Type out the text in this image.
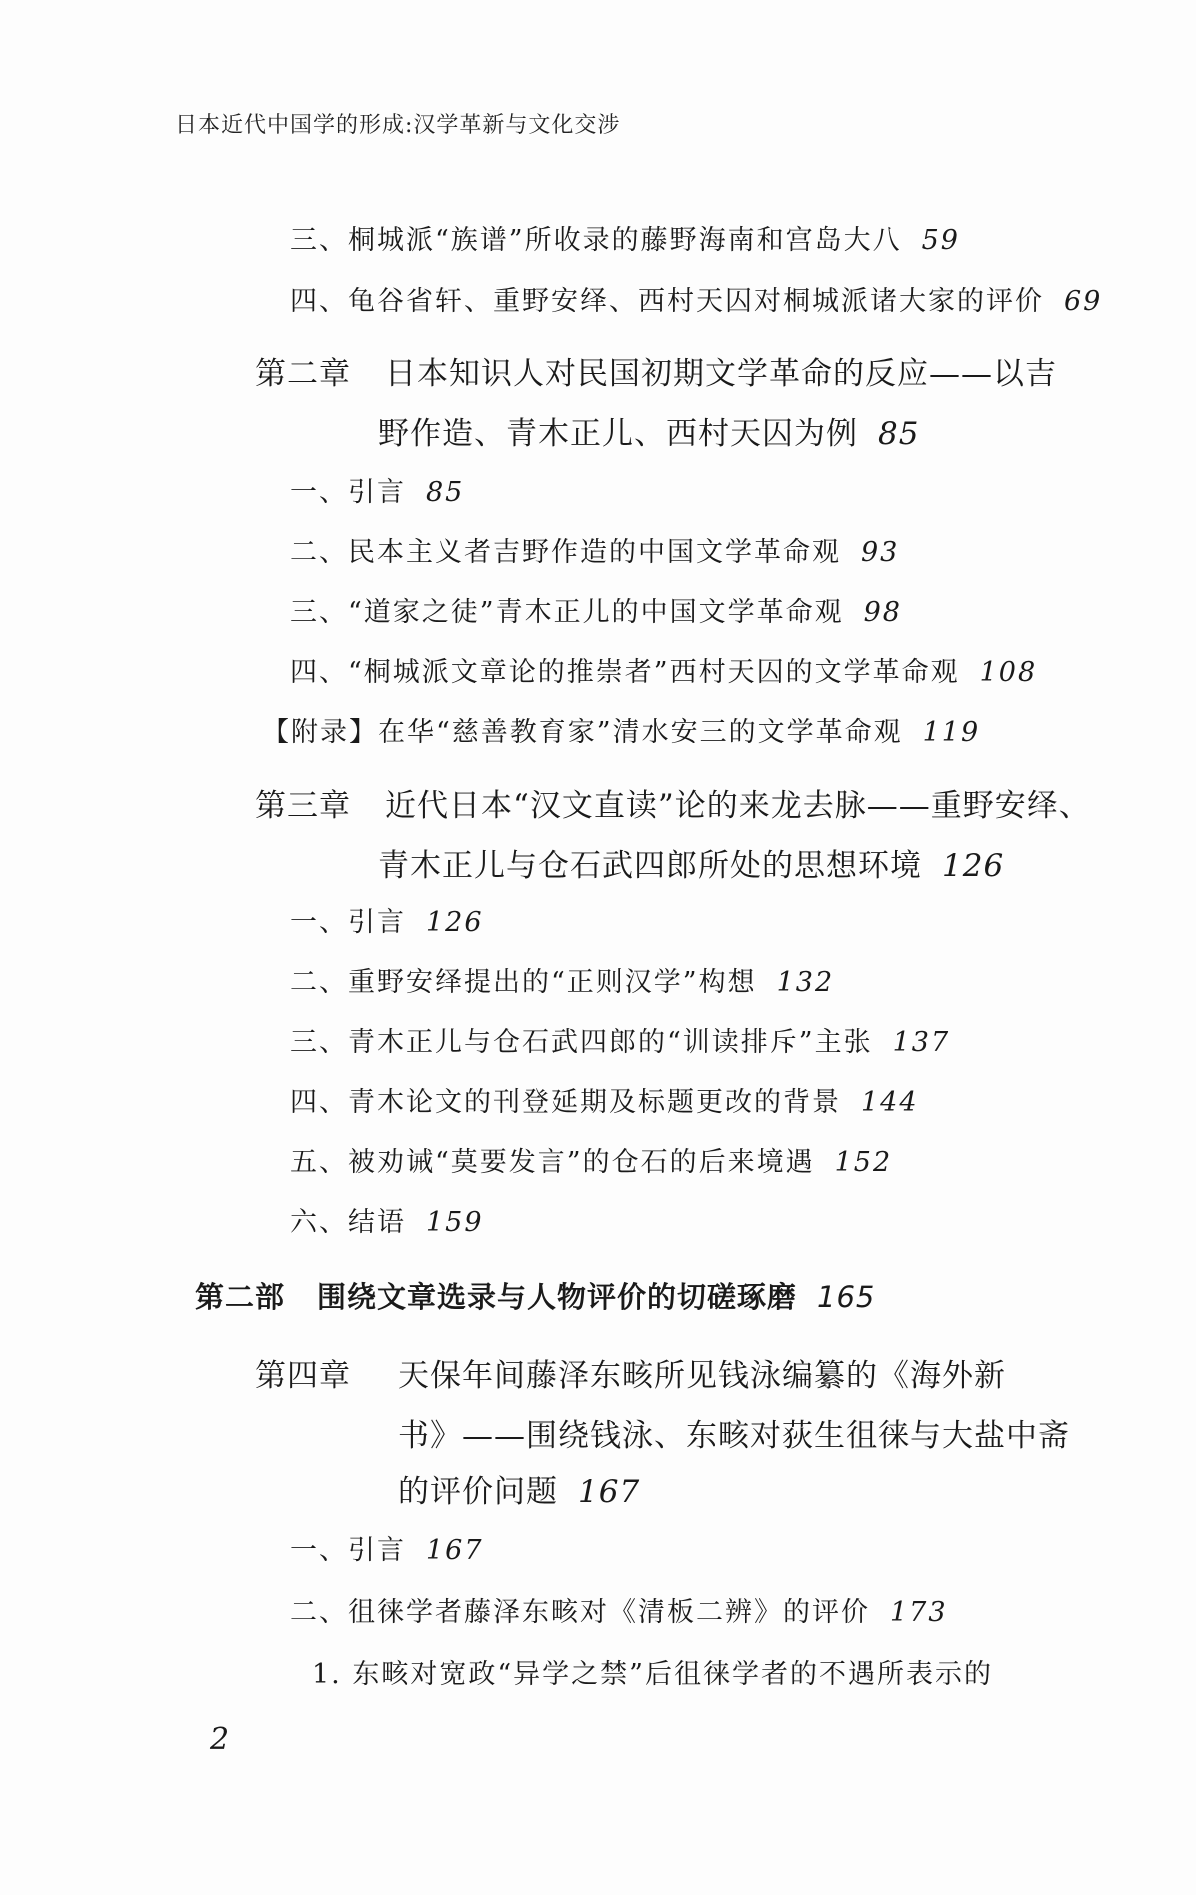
日本近代中国学的形成:汉学革新与文化交涉
三、桐城派“族谱”所收录的藤野海南和宫岛大八 59
四、龟谷省轩、重野安绎、西村天囚对桐城派诸大家的评价 69
第二章 日本知识人对民国初期文学革命的反应——以吉
野作造、青木正儿、西村天囚为例 85
一、引言 85
二、民本主义者吉野作造的中国文学革命观 93
三、“道家之徒”青木正儿的中国文学革命观 98
四、“桐城派文章论的推崇者”西村天囚的文学革命观 108
【附录】在华“慈善教育家”清水安三的文学革命观 119
第三章 近代日本“汉文直读”论的来龙去脉——重野安绎、
青木正儿与仓石武四郎所处的思想环境 126
一、引言 126
二、重野安绎提出的“正则汉学”构想 132
三、青木正儿与仓石武四郎的“训读排斥”主张 137
四、青木论文的刊登延期及标题更改的背景 144
五、被劝诫“莫要发言”的仓石的后来境遇 152
六、结语 159
第二部 围绕文章选录与人物评价的切磋琢磨 165
第四章 天保年间藤泽东畡所见钱泳编纂的《海外新
书》——围绕钱泳、东畡对荻生徂徕与大盐中斋
的评价问题 167
一、引言 167
二、徂徕学者藤泽东畡对《清板二辨》的评价 173
1. 东畡对宽政“异学之禁”后徂徕学者的不遇所表示的
2
